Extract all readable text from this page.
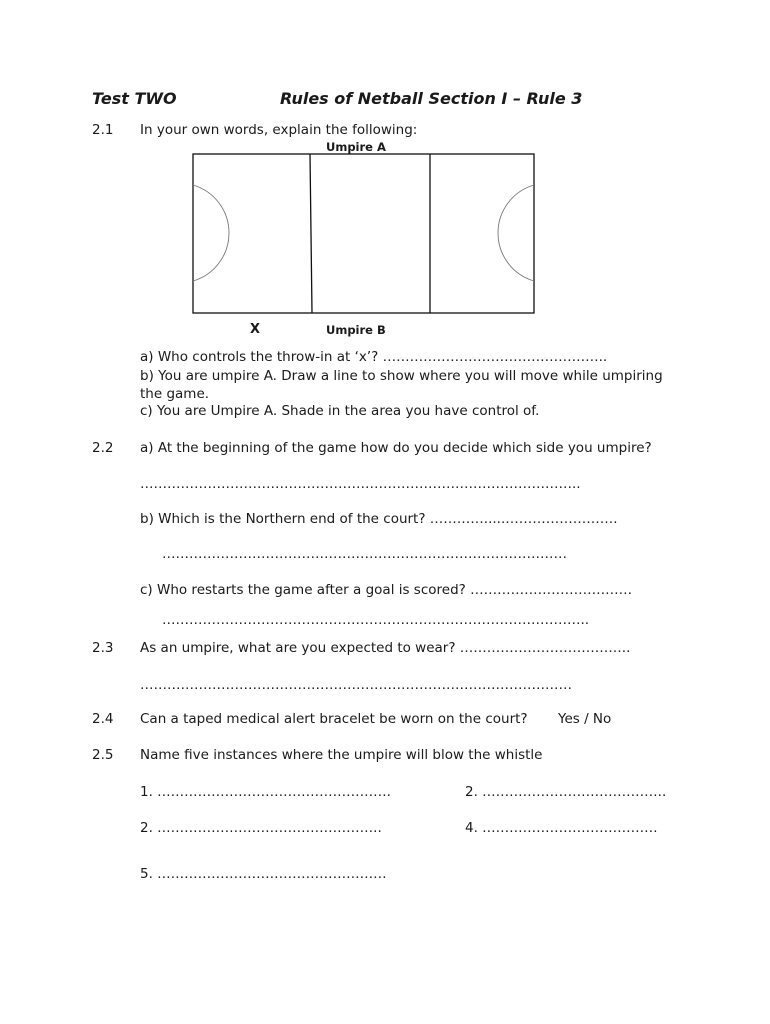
Test TWO	Rules of Netball Section I – Rule 3
2.1 In your own words, explain the following:
Umpire A
X	Umpire B
a) Who controls the throw-in at ‘x’? …………………………………………..
b) You are umpire A. Draw a line to show where you will move while umpiring
the game.
c) You are Umpire A. Shade in the area you have control of.
2.2 a) At the beginning of the game how do you decide which side you umpire?
……………………………………………………………………………………..
b) Which is the Northern end of the court? ………….....…………………….
………………………………………………………………………………
c) Who restarts the game after a goal is scored? ………………………………
…………………………………………………………………………………..
2.3 As an umpire, what are you expected to wear? ………………………………..
……………………………………………………………………………………
2.4 Can a taped medical alert bracelet be worn on the court? Yes / No
2.5 Name five instances where the umpire will blow the whistle
1. …………………………………………….	2. …………………………………..
2. …………………………………………..	4. …………………………………
5. ……………………………………………
